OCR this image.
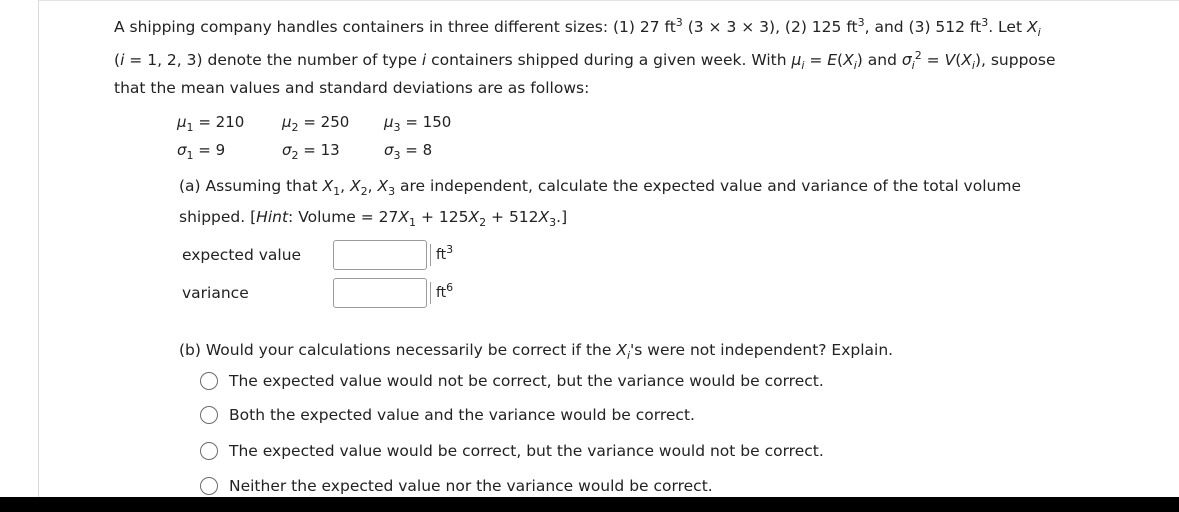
A shipping company handles containers in three different sizes: (1) 27 $ft^3$ (3 × 3 × 3), (2) 125 $ft^3$, and (3) 512 $ft^3$. Let $X_i$
(i = 1, 2, 3) denote the number of type i containers shipped during a given week. With $\mu_i = E(X_i)$ and $\sigma_i^2 = V(X_i)$, suppose
that the mean values and standard deviations are as follows:
$\mu_1 = 210$	$\mu_2 = 250$ $\mu_3 = 150$
$\sigma_1 = 9$	$\sigma_2 = 13$	$\sigma_3 = 8$
(a) Assuming that $X_1$, $X_2$, $X_3$ are independent, calculate the expected value and variance of the total volume
shipped. [Hint: Volume = $27X_1 + 125X_2 + 512X_3$.]
expected value	$ft^3$
variance	$ft^6$
(b) Would your calculations necessarily be correct if the $X_i's$ were not independent? Explain.
The expected value would not be correct, but the variance would be correct.
Both the expected value and the variance would be correct.
The expected value would be correct, but the variance would not be correct.
Neither the expected value nor the variance would be correct.
